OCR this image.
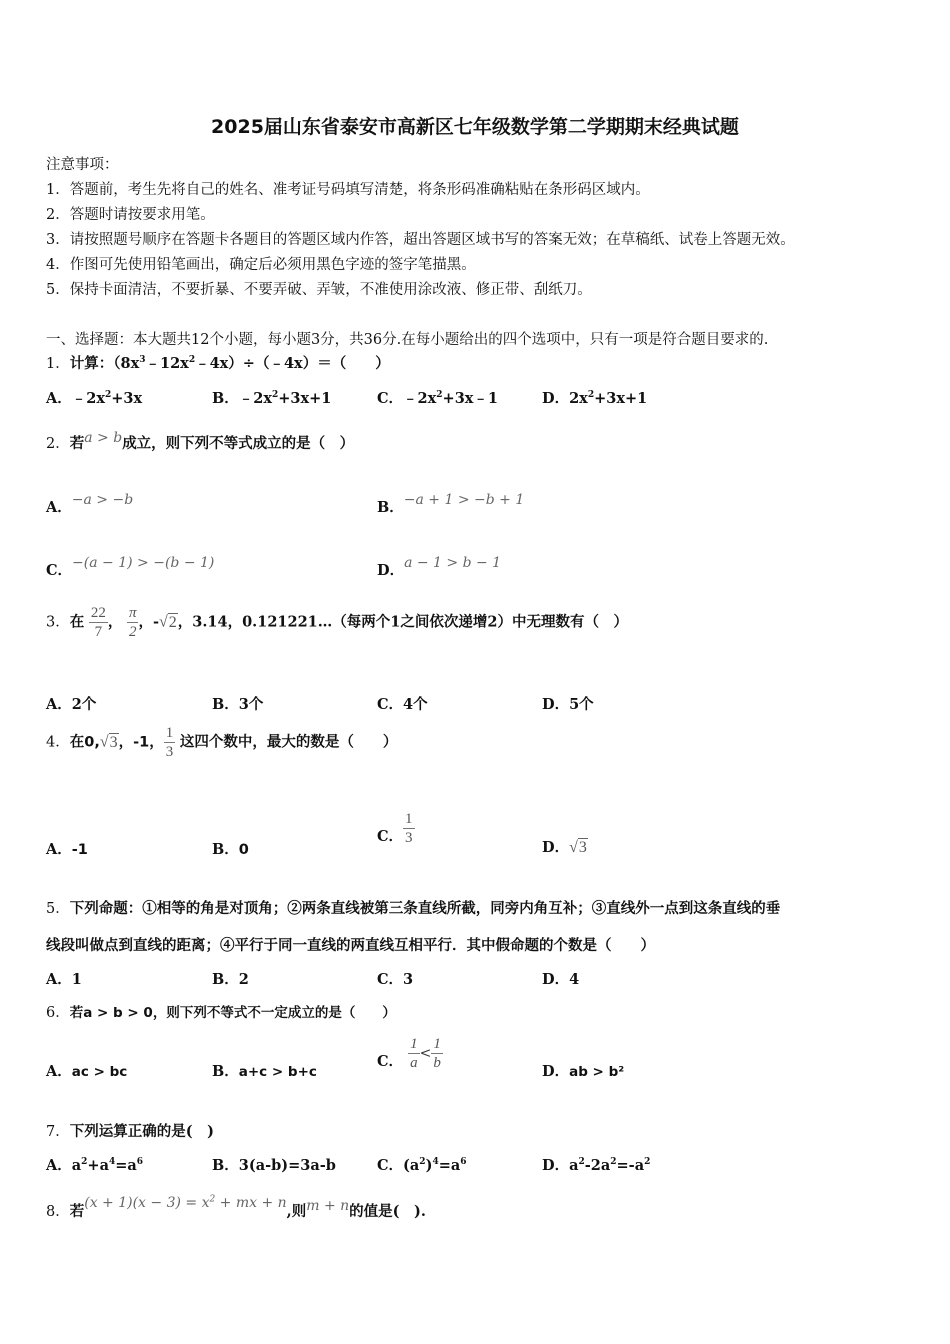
2025届山东省泰安市高新区七年级数学第二学期期末经典试题
注意事项：
1．答题前，考生先将自己的姓名、准考证号码填写清楚，将条形码准确粘贴在条形码区域内。
2．答题时请按要求用笔。
3．请按照题号顺序在答题卡各题目的答题区域内作答，超出答题区域书写的答案无效；在草稿纸、试卷上答题无效。
4．作图可先使用铅笔画出，确定后必须用黑色字迹的签字笔描黑。
5．保持卡面清洁，不要折暴、不要弄破、弄皱，不准使用涂改液、修正带、刮纸刀。
一、选择题：本大题共12个小题，每小题3分，共36分.在每小题给出的四个选项中，只有一项是符合题目要求的.
1．计算：$(8x^3﹣12x^2﹣4x)\div(﹣4x)=$（　　）
A．$﹣2x^2+3x$	B．$﹣2x^2+3x+1$	C．$﹣2x^2+3x﹣1$	D．$2x^2+3x+1$
2．若a > b成立，则下列不等式成立的是（　）
A．−a > −b	B．−a + 1 > −b + 1
C．−(a − 1) > −(b − 1)	D．a − 1 > b − 1
3．在 $\frac{22}{7}$ ， $\frac{\pi}{2}$ ，-√2，3.14，0.121221…（每两个1之间依次递增2）中无理数有（　）
A．2个	B．3个	C．4个	D．5个
4．在0,√3，-1， $\frac{1}{3}$ 这四个数中，最大的数是（　　）
A．-1	B．0
C． $\frac{1}{3}$
D．√3
5．下列命题：①相等的角是对顶角；②两条直线被第三条直线所截，同旁内角互补；③直线外一点到这条直线的垂
线段叫做点到直线的距离；④平行于同一直线的两直线互相平行．其中假命题的个数是（　　）
A．1	B．2	C．3	D．4
6．若a > b > 0，则下列不等式不一定成立的是（　　）
A．ac > bc	B．a+c > b+c
C． $\frac{1}{a} < \frac{1}{b}$	D．ab > b²
7．下列运算正确的是(　)
A．$a^2+a^4=a^6$	B．3(a-b)=3a-b	C．$(a^2)^4=a^6$	D．$a^2-2a^2=-a^2$
8．若$(x + 1)(x - 3) = x^2$ + mx + n,则m + n的值是(　).
